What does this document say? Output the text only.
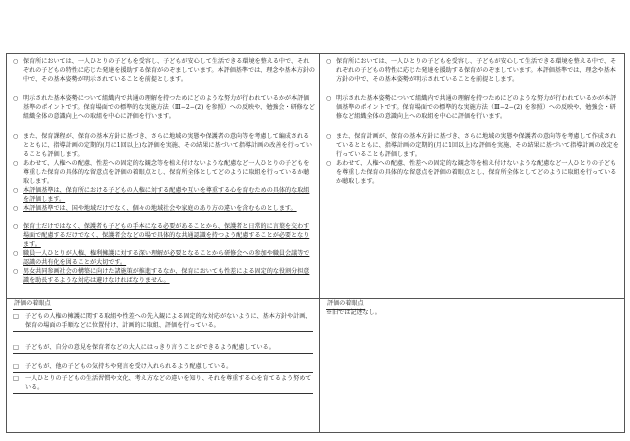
○ 保育所においては、一人ひとりの子どもを受容し、子どもが安心して生活できる環境を整える中で、それぞれの子どもの特性に応じた発達を援助する保育がのぞましています。本評価基準では、理念や基本方針の中で、その基本姿勢が明示されていることを前提とします。
○ 明示された基本姿勢について組織内で共通の理解を持つためにどのような努力が行われているかが本評価基準のポイントです。保育場面での標準的な実施方法（Ⅲ−2−(2) を参照）への反映や、勉強会・研修など組織全体の意識向上への取組を中心に評価を行います。
○ また、保育課程が、保育の基本方針に基づき、さらに地域の実態や保護者の意向等を考慮して編成されるとともに、指導計画の定期的(月に1回以上)な評価を実施、その結果に基づいて指導計画の改善を行っていることも評価します。
○ あわせて、人権への配慮、性差への固定的な観念等を植え付けないような配慮など一人ひとりの子どもを尊重した保育の具体的な留意点を評価の着眼点とし、保育所全体としてどのように取組を行っているか聴取します。
○ 本評価基準は、保育所における子どもの人権に対する配慮や互いを尊重する心を育むための具体的な取組を評価します。
○ 本評価基準では、国や地域だけでなく、個々の地域社会や家庭のあり方の違いを含むものとします。
○ 保育士だけではなく、保護者も子どもの手本になる必要があることから、保護者と日常的に言葉を交わす場面で配慮するだけでなく、保護者会などの場で具体的な共通認識を持つよう配慮することが必要となります。
○ 職員一人ひとりが人権、権利擁護に対する深い理解が必要となることから研修会への参加や職員会議等で認識の共有化を図ることが大切です。
○ 男女共同参画社会の構築に向けた諸施策が推進するなか、保育においても性差による固定的な役割分担意識を助長するような対応は避けなければなりません。
評価の着眼点
□	子どもの人権の擁護に関する取組や性差への先入観による固定的な対応がないように、基本方針や計画、保育の場面の手順などに位置付け、計画的に取組、評価を行っている。
□	子どもが、自分の意見を保育者などの大人にはっきり言うことができるよう配慮している。
□	子どもが、他の子どもの気持ちや発言を受け入れられるよう配慮している。
□	一人ひとりの子どもの生活習慣や文化、考え方などの違いを知り、それを尊重する心を育てるよう努めている。
○ 保育所においては、一人ひとりの子どもを受容し、子どもが安心して生活できる環境を整える中で、それぞれの子どもの特性に応じた発達を援助する保育がのぞましています。本評価基準では、理念や基本方針の中で、その基本姿勢が明示されていることを前提とします。
○ 明示された基本姿勢について組織内で共通の理解を持つためにどのような努力が行われているかが本評価基準のポイントです。保育場面での標準的な実施方法（Ⅲ−2−(2) を参照）への反映や、勉強会・研修など組織全体の意識向上への取組を中心に評価を行います。
○ また、保育計画が、保育の基本方針に基づき、さらに地域の実態や保護者の意向等を考慮して作成されているとともに、指導計画の定期的(月に1回以上)な評価を実施、その結果に基づいて指導計画の改定を行っていることも評価します。
○ あわせて、人権への配慮、性差への固定的な観念等を植え付けないような配慮など一人ひとりの子どもを尊重した保育の具体的な留意点を評価の着眼点とし、保育所全体としてどのように取組を行っているか聴取します。
評価の着眼点
※旧では記述なし。
